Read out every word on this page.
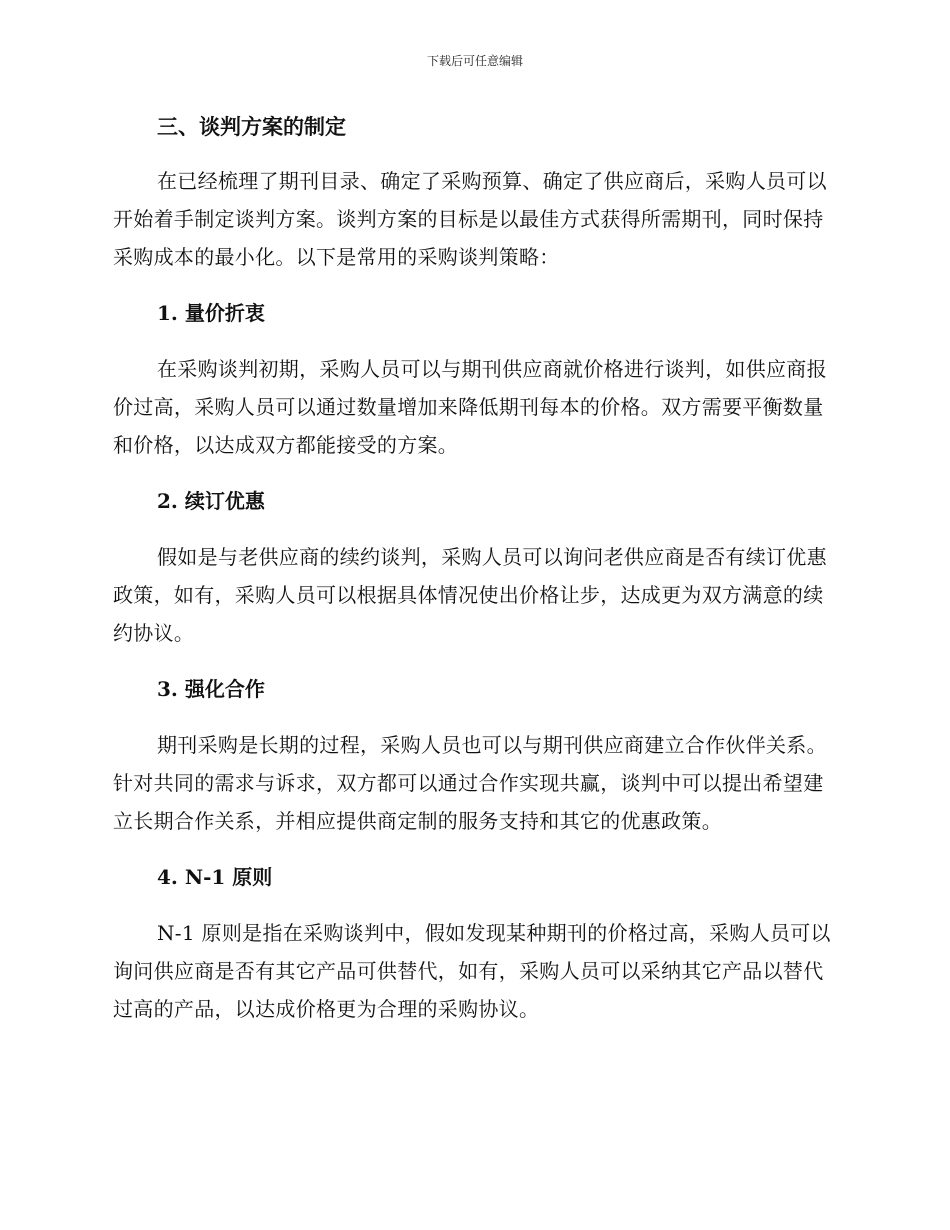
下载后可任意编辑
三、谈判方案的制定

在已经梳理了期刊目录、确定了采购预算、确定了供应商后，采购人员可以开始着手制定谈判方案。谈判方案的目标是以最佳方式获得所需期刊，同时保持采购成本的最小化。以下是常用的采购谈判策略：

1. 量价折衷

在采购谈判初期，采购人员可以与期刊供应商就价格进行谈判，如供应商报价过高，采购人员可以通过数量增加来降低期刊每本的价格。双方需要平衡数量和价格，以达成双方都能接受的方案。

2. 续订优惠

假如是与老供应商的续约谈判，采购人员可以询问老供应商是否有续订优惠政策，如有，采购人员可以根据具体情况使出价格让步，达成更为双方满意的续约协议。

3. 强化合作

期刊采购是长期的过程，采购人员也可以与期刊供应商建立合作伙伴关系。针对共同的需求与诉求，双方都可以通过合作实现共赢，谈判中可以提出希望建立长期合作关系，并相应提供商定制的服务支持和其它的优惠政策。

4. N-1 原则

N-1 原则是指在采购谈判中，假如发现某种期刊的价格过高，采购人员可以询问供应商是否有其它产品可供替代，如有，采购人员可以采纳其它产品以替代过高的产品，以达成价格更为合理的采购协议。
